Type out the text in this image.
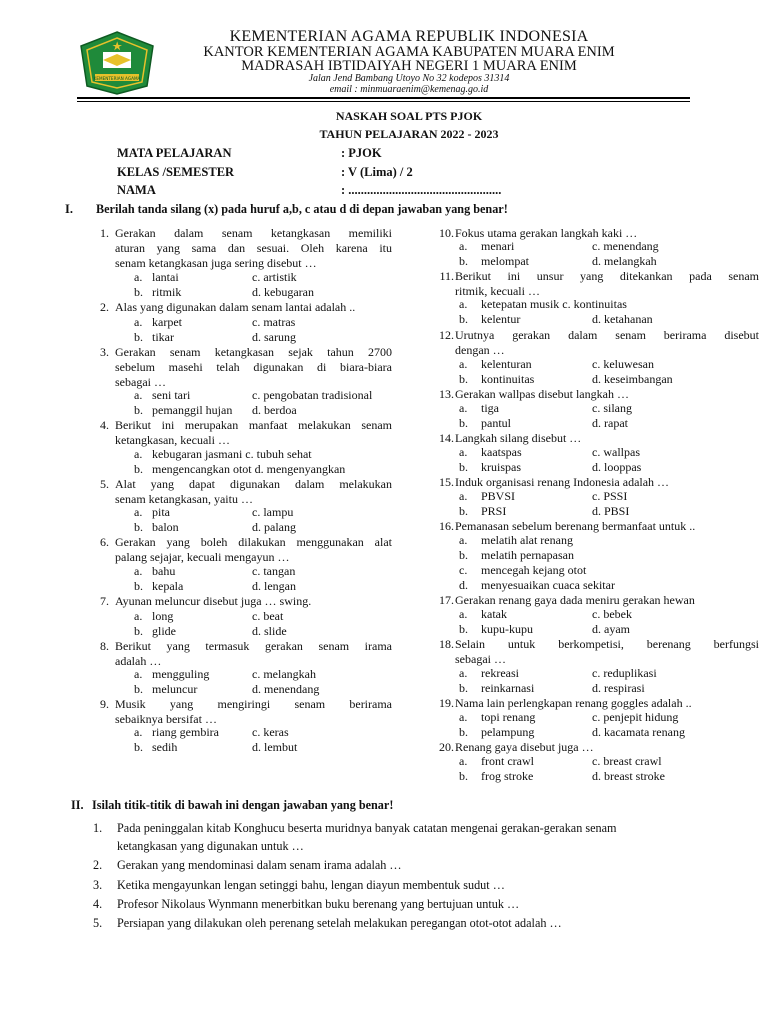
KEMENTERIAN AGAMA
KEMENTERIAN AGAMA REPUBLIK INDONESIA
KANTOR KEMENTERIAN AGAMA KABUPATEN MUARA ENIM
MADRASAH IBTIDAIYAH NEGERI 1 MUARA ENIM
Jalan Jend Bambang Utoyo No 32 kodepos 31314
email : minmuaraenim@kemenag.go.id
NASKAH SOAL PTS PJOK
TAHUN PELAJARAN 2022 - 2023
MATA PELAJARAN	: PJOK
KELAS /SEMESTER	: V (Lima) / 2
NAMA	: .................................................
I. Berilah tanda silang (x) pada huruf a,b, c atau d di depan jawaban yang benar!
1. Gerakan dalam senam ketangkasan memiliki
aturan yang sama dan sesuai. Oleh karena itu
senam ketangkasan juga sering disebut …
a. lantai
b. ritmik
c. artistik
d. kebugaran
2. Alas yang digunakan dalam senam lantai adalah ..
a. karpet
b. tikar
c. matras
d. sarung
3. Gerakan senam ketangkasan sejak tahun 2700
sebelum masehi telah digunakan di biara-biara
sebagai …
a. seni tari
b. pemanggil hujan
c. pengobatan tradisional
d. berdoa
4. Berikut ini merupakan manfaat melakukan senam
ketangkasan, kecuali …
a. kebugaran jasmani c. tubuh sehat
b. mengencangkan otot d. mengenyangkan
5. Alat yang dapat digunakan dalam melakukan
senam ketangkasan, yaitu …
a. pita
b. balon
c. lampu
d. palang
6. Gerakan yang boleh dilakukan menggunakan alat
palang sejajar, kecuali mengayun …
a. bahu
b. kepala
c. tangan
d. lengan
7. Ayunan meluncur disebut juga … swing.
a. long
b. glide
c. beat
d. slide
8. Berikut yang termasuk gerakan senam irama
adalah …
a. mengguling
b. meluncur
c. melangkah
d. menendang
9. Musik yang mengiringi senam berirama
sebaiknya bersifat …
a. riang gembira
b. sedih
c. keras
d. lembut
10. Fokus utama gerakan langkah kaki …
a. menari
b. melompat
c. menendang
d. melangkah
11. Berikut ini unsur yang ditekankan pada senam
ritmik, kecuali …
a. ketepatan musik c. kontinuitas
b. kelentur	d. ketahanan
12. Urutnya gerakan dalam senam berirama disebut
dengan …
a. kelenturan
b. kontinuitas
c. keluwesan
d. keseimbangan
13. Gerakan wallpas disebut langkah …
a. tiga
b. pantul
c. silang
d. rapat
14. Langkah silang disebut …
a. kaatspas
b. kruispas
c. wallpas
d. looppas
15. Induk organisasi renang Indonesia adalah …
a. PBVSI
b. PRSI
c. PSSI
d. PBSI
16. Pemanasan sebelum berenang bermanfaat untuk ..
a. melatih alat renang
b. melatih pernapasan
c. mencegah kejang otot
d. menyesuaikan cuaca sekitar
17. Gerakan renang gaya dada meniru gerakan hewan
a. katak
b. kupu-kupu
c. bebek
d. ayam
18. Selain untuk berkompetisi, berenang berfungsi
sebagai …
a. rekreasi
b. reinkarnasi
c. reduplikasi
d. respirasi
19. Nama lain perlengkapan renang goggles adalah ..
a. topi renang
b. pelampung
c. penjepit hidung
d. kacamata renang
20. Renang gaya disebut juga …
a. front crawl
b. frog stroke
c. breast crawl
d. breast stroke
II. Isilah titik-titik di bawah ini dengan jawaban yang benar!
1. Pada peninggalan kitab Konghucu beserta muridnya banyak catatan mengenai gerakan-gerakan senam
ketangkasan yang digunakan untuk …
2. Gerakan yang mendominasi dalam senam irama adalah …
3. Ketika mengayunkan lengan setinggi bahu, lengan diayun membentuk sudut …
4. Profesor Nikolaus Wynmann menerbitkan buku berenang yang bertujuan untuk …
5. Persiapan yang dilakukan oleh perenang setelah melakukan peregangan otot-otot adalah …
